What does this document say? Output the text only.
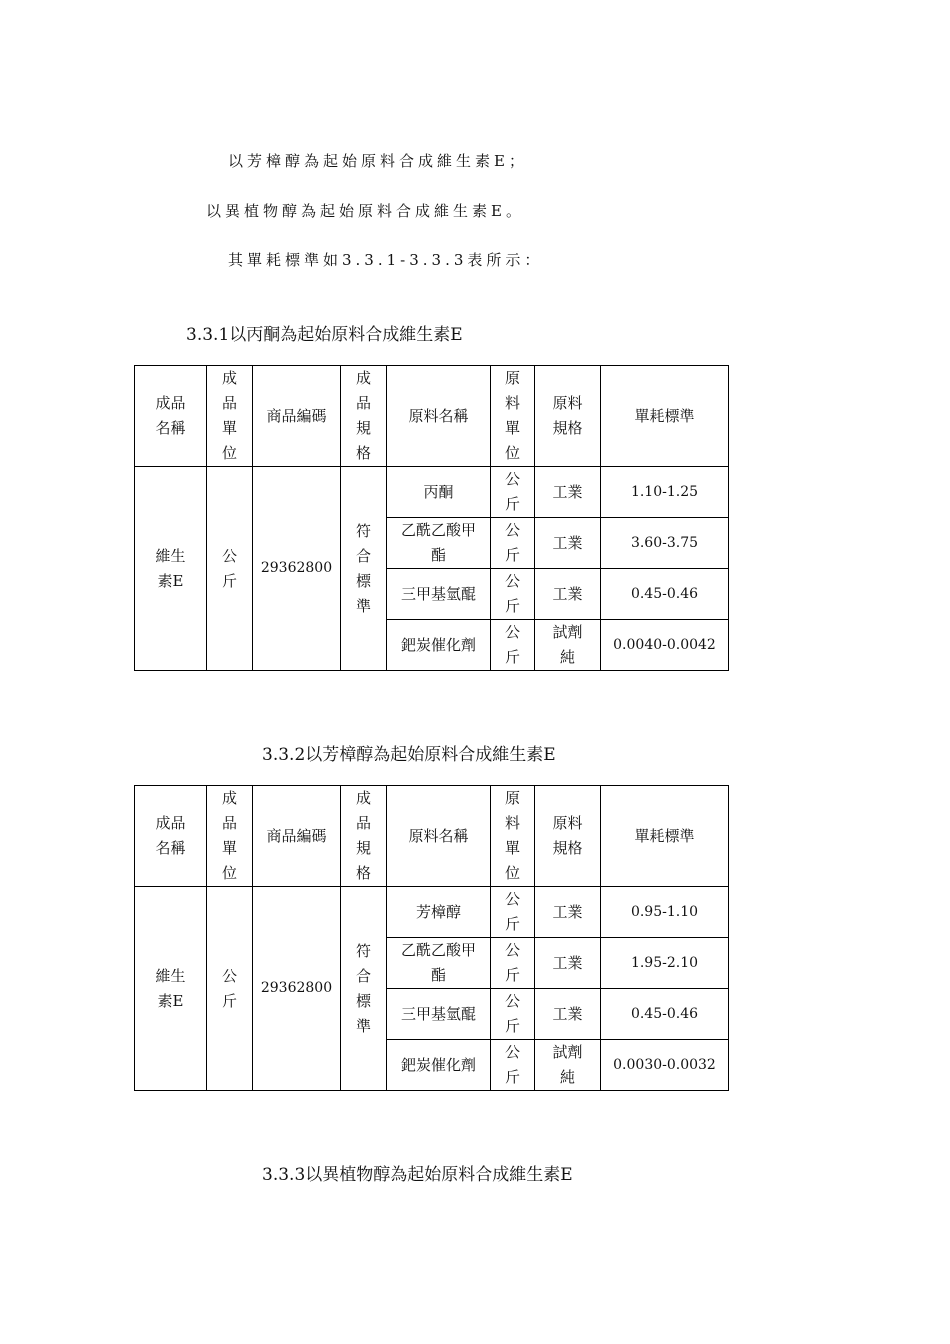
以芳樟醇為起始原料合成維生素E；
以異植物醇為起始原料合成維生素E。
其單耗標準如3.3.1-3.3.3表所示：
3.3.1以丙酮為起始原料合成維生素E
成品名稱	成品單位	商品編碼	成品規格	原料名稱	原料單位	原料規格	單耗標準
維生素E	公斤	29362800	符合標準	丙酮	公斤	工業	1.10-1.25
				乙酰乙酸甲酯	公斤	工業	3.60-3.75
				三甲基氫醌	公斤	工業	0.45-0.46
				鈀炭催化劑	公斤	試劑純	0.0040-0.0042
3.3.2以芳樟醇為起始原料合成維生素E
成品名稱	成品單位	商品編碼	成品規格	原料名稱	原料單位	原料規格	單耗標準
維生素E	公斤	29362800	符合標準	芳樟醇	公斤	工業	0.95-1.10
				乙酰乙酸甲酯	公斤	工業	1.95-2.10
				三甲基氫醌	公斤	工業	0.45-0.46
				鈀炭催化劑	公斤	試劑純	0.0030-0.0032
3.3.3以異植物醇為起始原料合成維生素E
